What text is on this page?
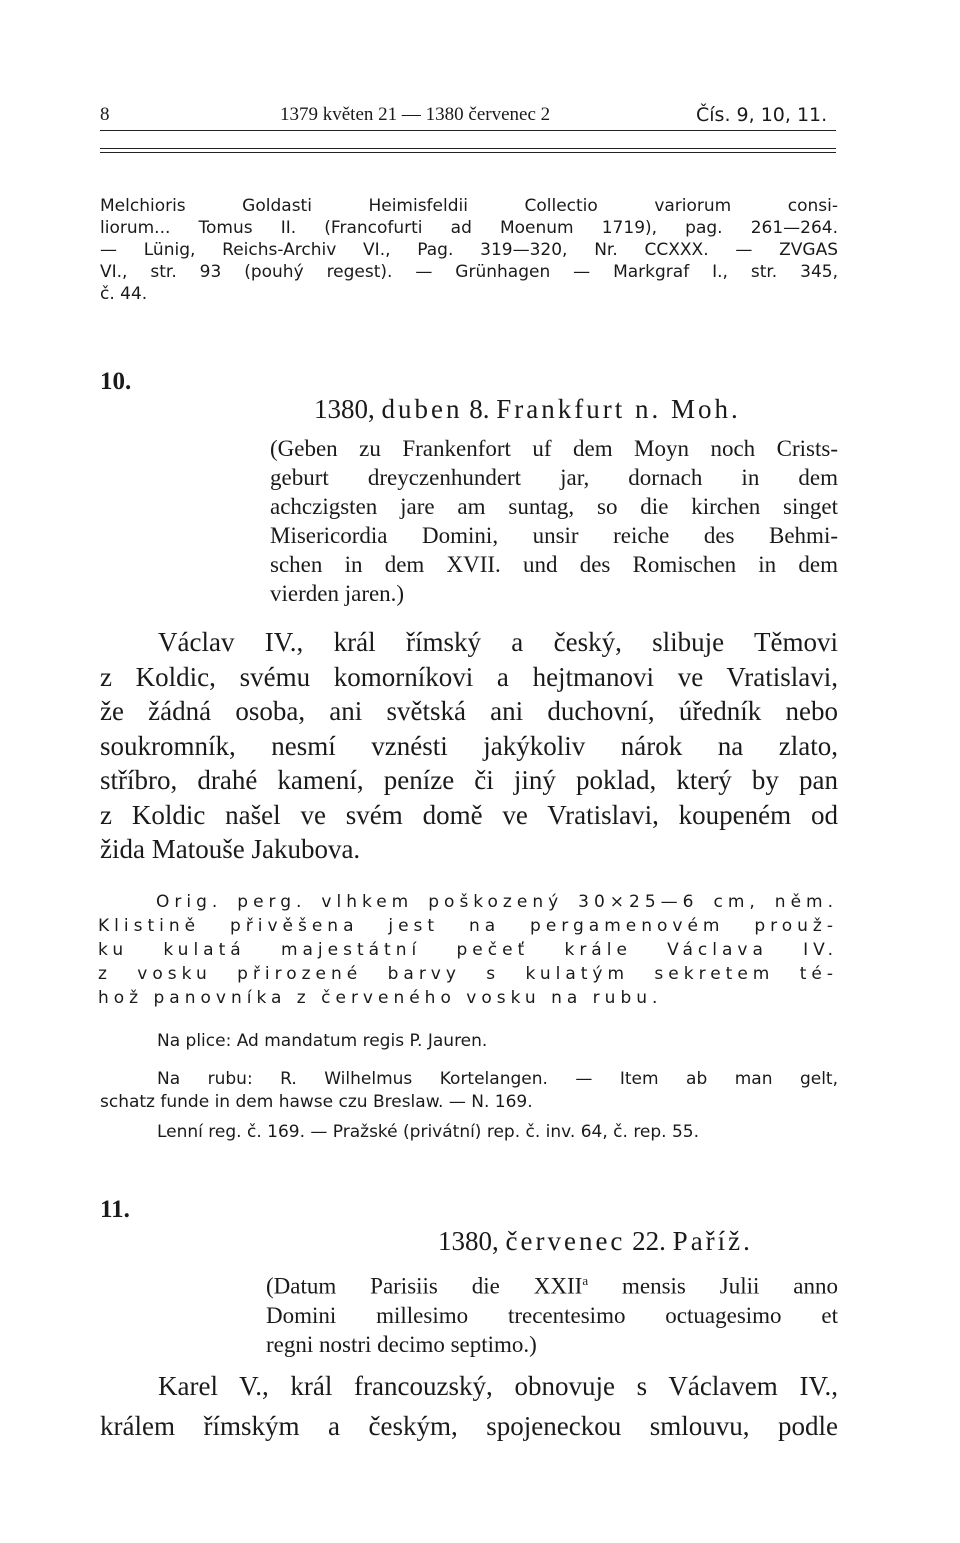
8	1379 květen 21 — 1380 červenec 2	Čís. 9, 10, 11.
Melchioris Goldasti Heimisfeldii Collectio variorum consi-
liorum... Tomus II. (Francofurti ad Moenum 1719), pag. 261—264.
— Lünig, Reichs-Archiv VI., Pag. 319—320, Nr. CCXXX. — ZVGAS
VI., str. 93 (pouhý regest). — Grünhagen — Markgraf I., str. 345,
č. 44.
10.
1380, duben 8. Frankfurt n. Moh.
(Geben zu Frankenfort uf dem Moyn noch Crists-
geburt dreyczenhundert jar, dornach in dem
achczigsten jare am suntag, so die kirchen singet
Misericordia Domini, unsir reiche des Behmi-
schen in dem XVII. und des Romischen in dem
vierden jaren.)
Václav IV., král římský a český, slibuje Těmovi
z Koldic, svému komorníkovi a hejtmanovi ve Vratislavi,
že žádná osoba, ani světská ani duchovní, úředník nebo
soukromník, nesmí vznésti jakýkoliv nárok na zlato,
stříbro, drahé kamení, peníze či jiný poklad, který by pan
z Koldic našel ve svém domě ve Vratislavi, koupeném od
žida Matouše Jakubova.
Orig. perg. vlhkem poškozený 30×25—6 cm, něm.
Klistině přivěšena jest na pergamenovém prouž-
ku kulatá majestátní pečeť krále Václava IV.
z vosku přirozené barvy s kulatým sekretem té-
hož panovníka z červeného vosku na rubu.
Na plice: Ad mandatum regis P. Jauren.
Na rubu: R. Wilhelmus Kortelangen. — Item ab man gelt,
schatz funde in dem hawse czu Breslaw. — N. 169.
Lenní reg. č. 169. — Pražské (privátní) rep. č. inv. 64, č. rep. 55.
11.
1380, červenec 22. Paříž.
(Datum Parisiis die XXII$^a$ mensis Julii anno
Domini millesimo trecentesimo octuagesimo et
regni nostri decimo septimo.)
Karel V., král francouzský, obnovuje s Václavem IV.,
králem římským a českým, spojeneckou smlouvu, podle
